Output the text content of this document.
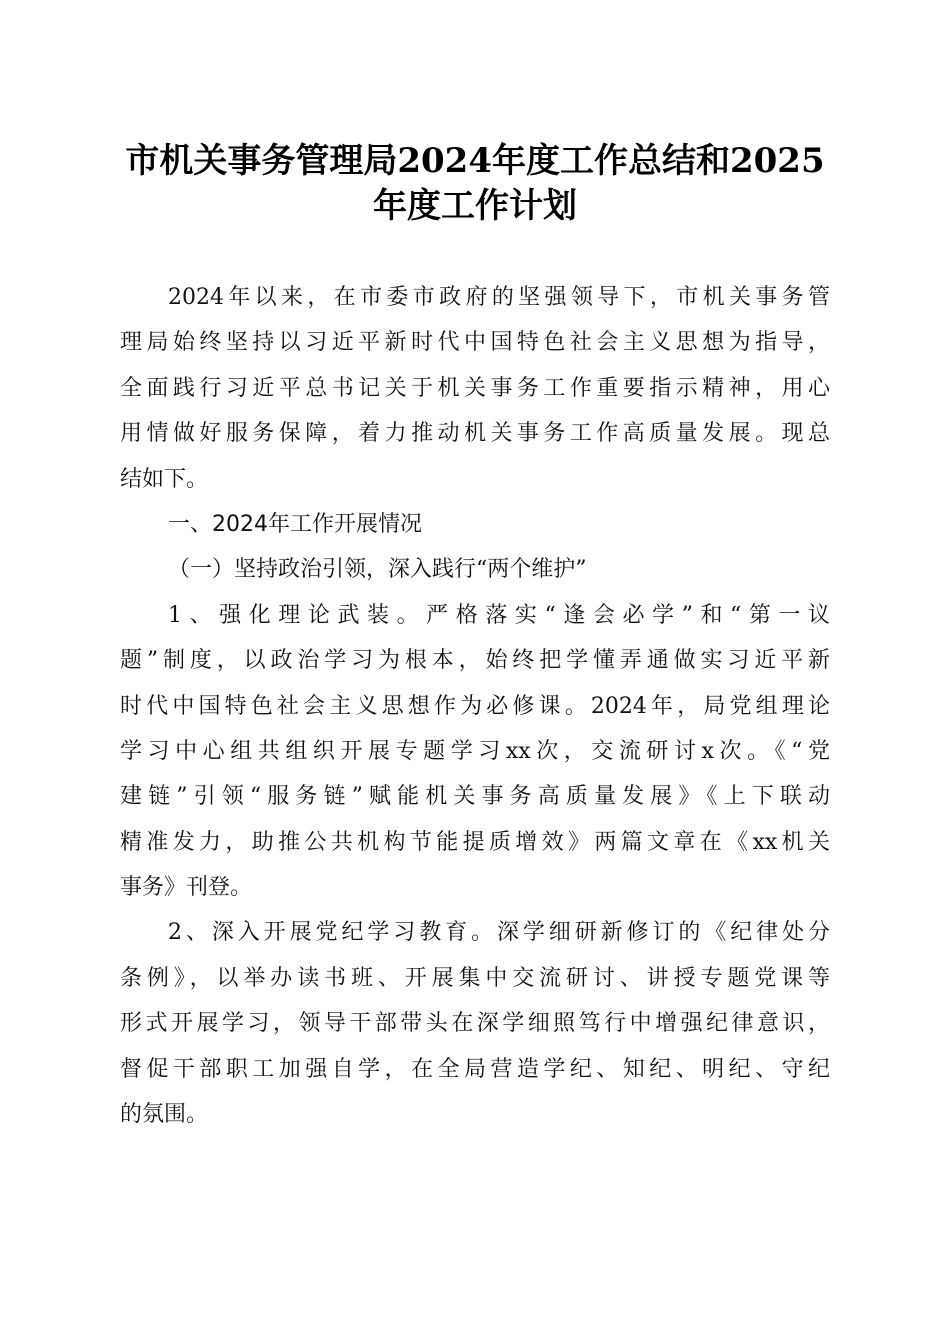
市机关事务管理局2024年度工作总结和2025
年度工作计划
2024年以来，在市委市政府的坚强领导下，市机关事务管
理局始终坚持以习近平新时代中国特色社会主义思想为指导，
全面践行习近平总书记关于机关事务工作重要指示精神，用心
用情做好服务保障，着力推动机关事务工作高质量发展。现总
结如下。
一、2024年工作开展情况
（一）坚持政治引领，深入践行“两个维护”
1、强化理论武装。严格落实“逢会必学”和“第一议
题”制度，以政治学习为根本，始终把学懂弄通做实习近平新
时代中国特色社会主义思想作为必修课。2024年，局党组理论
学习中心组共组织开展专题学习xx次，交流研讨x次。《“党
建链”引领“服务链”赋能机关事务高质量发展》《上下联动
精准发力，助推公共机构节能提质增效》两篇文章在《xx机关
事务》刊登。
2、深入开展党纪学习教育。深学细研新修订的《纪律处分
条例》，以举办读书班、开展集中交流研讨、讲授专题党课等
形式开展学习，领导干部带头在深学细照笃行中增强纪律意识，
督促干部职工加强自学，在全局营造学纪、知纪、明纪、守纪
的氛围。
